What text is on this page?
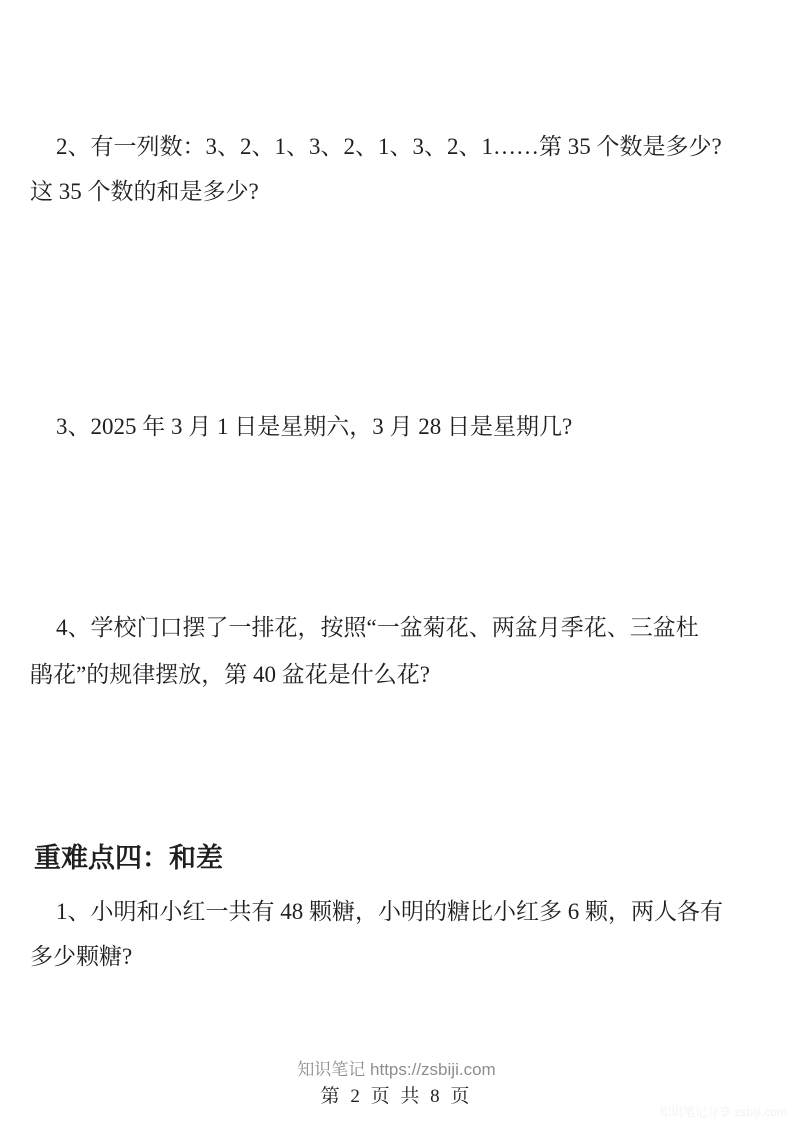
2、有一列数：3、2、1、3、2、1、3、2、1……第 35 个数是多少?
这 35 个数的和是多少?
3、2025 年 3 月 1 日是星期六，3 月 28 日是星期几?
4、学校门口摆了一排花，按照“一盆菊花、两盆月季花、三盆杜
鹃花”的规律摆放，第 40 盆花是什么花?
重难点四：和差
1、小明和小红一共有 48 颗糖，小明的糖比小红多 6 颗，两人各有
多少颗糖?
知识笔记 https://zsbiji.com
第 2 页 共 8 页
知识笔记分享 zsbiji.com
